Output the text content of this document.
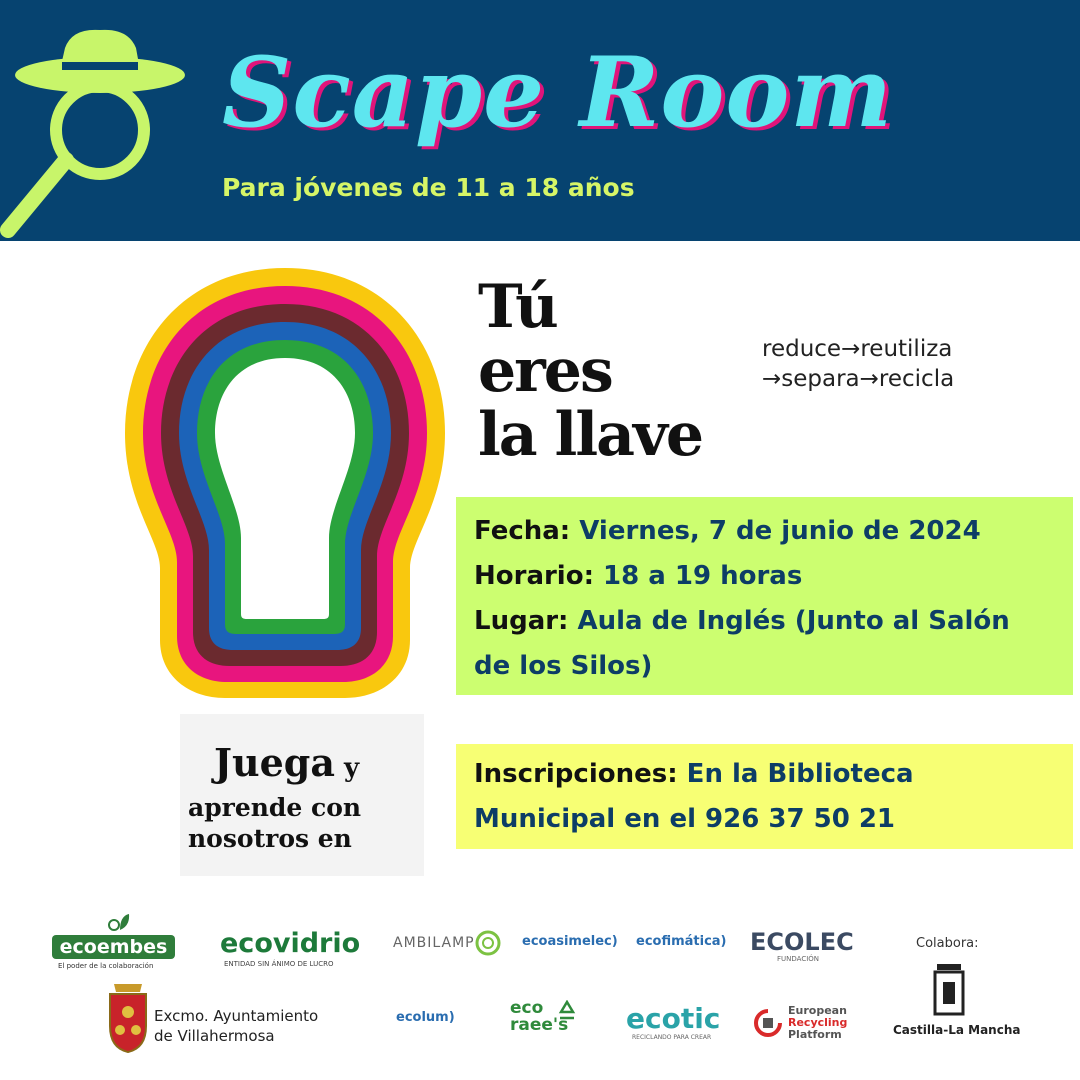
Scape Room
Para jóvenes de 11 a 18 años
Tú
eres
la llave
reduce→reutiliza
→separa→recicla
Fecha: Viernes, 7 de junio de 2024
Horario: 18 a 19 horas
Lugar: Aula de Inglés (Junto al Salón de los Silos)
Inscripciones: En la Biblioteca Municipal en el 926 37 50 21
Juega y
aprende con
nosotros en
ecoembes
El poder de la colaboración
ecovidrio
ENTIDAD SIN ÁNIMO DE LUCRO
AMBILAMP	ecoasimelec) ecofimática) ECOLEC
FUNDACIÓN
Colabora:
Excmo. Ayuntamiento
de Villahermosa
ecolum)	eco
raee's ecotic
RECICLANDO PARA CREAR
European
Recycling
Platform	Castilla-La Mancha
